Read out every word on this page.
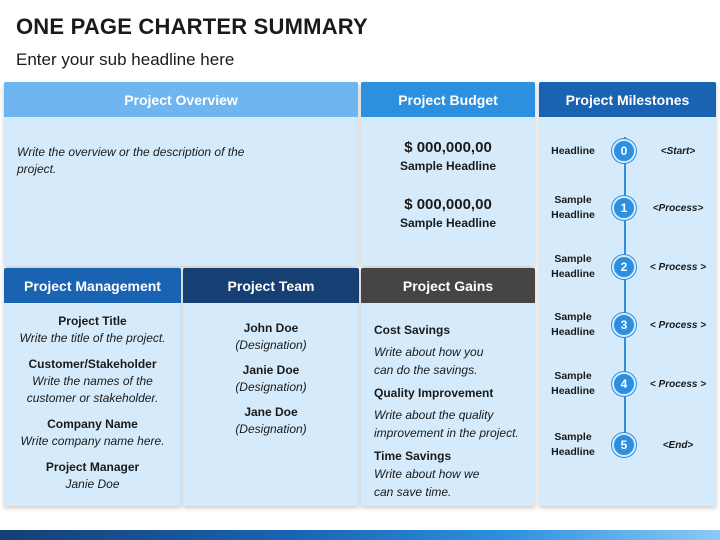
ONE PAGE CHARTER SUMMARY
Enter your sub headline here
Project Overview
Write the overview or the description of the project.
Project Budget
$ 000,000,00
Sample Headline
$ 000,000,00
Sample Headline
Project Milestones
Headline	0	<Start>
Sample Headline	1	<Process>
Sample Headline	2	< Process >
Sample Headline	3	< Process >
Sample Headline	4	< Process >
Sample Headline	5	<End>
Project Management
Project Title
Write the title of the project.
Customer/Stakeholder
Write the names of the customer or stakeholder.
Company Name
Write company name here.
Project Manager
Janie Doe
Project Team
John Doe
(Designation)
Janie Doe
(Designation)
Jane Doe
(Designation)
Project Gains
Cost Savings
Write about how you can do the savings.
Quality Improvement
Write about the quality improvement in the project.
Time Savings
Write about how we can save time.
